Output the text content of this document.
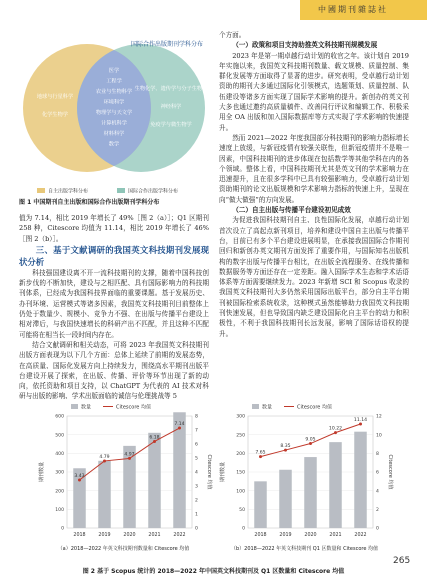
中國期刊雜誌社
国际合作出版期刊学科分布
地球与行星科学
化学生物学
医学
工程学
农业与生物科学
环境科学
物理学与天文学
计算机科学
材料科学
数学
生物化学、遗传学与分子生物学
神经科学
免疫学与微生物学
自主出版学科分布	国际合作出版学科分布
图 1 中国期刊自主出版和国际合作出版期刊学科分布

值为 7.14，相比 2019 年增长了 49%［图 2（a）］；Q1 区期刊 258 种，Citescore 均值为 11.14，相比 2019 年增长了 46%［图 2（b）］。

三、基于文献调研的我国英文科技期刊发展现状分析

科技强国建设离不开一流科技期刊的支撑，随着中国科技创新步伐的不断加快，建设与之相匹配、具有国际影响力的科技期刊体系，已经成为我国科技界面临的重要课题。基于发展历史、办刊环境、运营模式等诸多因素，我国英文科技期刊目前整体上仍处于数量少、规模小、竞争力不强、在出版与传播平台建设上相对滞后，与我国快速增长的科研产出不匹配，并且这种不匹配可能将在相当长一段时间内存在。

结合文献调研和相关动态，可将 2023 年我国英文科技期刊出版方面表现为以下几个方面：总体上延续了前期的发展态势，在高质量、国际化发展方向上持续发力，围绕高水平期刊出版平台建设开展了探索，在出版、传播、评价等环节出现了新的动向，依托资助和项目支持，以 ChatGPT 为代表的 AI 技术对科研与出版的影响、学术出版面临的诚信与伦理挑战等 5

个方面。

（一）政策和项目支持助推英文科技期刊规模发展

2023 年是第一期卓越行动计划的收官之年。该计划自 2019 年实施以来，我国英文科技期刊数量、载文规模、质量控制、集群化发展等方面取得了显著的进步。研究表明，受卓越行动计划资助的期刊大多通过国际化引领模式，选题策划、质量控制、队伍建设等诸多方面实现了国际学术影响的提升。新创办的英文刊大多也通过邀约高质量稿件、改善同行评议和编辑工作、积极采用全 OA 出版和加入国际数据库等方式实现了学术影响的快速提升。

然而 2021—2022 年度我国部分科技期刊的影响力指标增长速度上放缓，与新冠疫情有较强关联性，但新冠疫情并不是唯一因素，中国科技期刊的进步体现在包括数学等其他学科在内的各个领域。整体上看，中国科技期刊尤其是英文刊的学术影响力在迅速提升，且在很多学科中已具有较强影响力，受卓越行动计划资助期刊的论文出版规模和学术影响力指标的快速上升，呈现在向“做大做强”的方向发展。

（二）自主出版与传播平台建设初见成效

为促进我国科技期刊自主、良性国际化发展，卓越行动计划首次设立了高起点新刊项目，培养和建设中国自主出版与传播平台，目前已有多个平台建设进展明显，在承接我国国际合作期刊回归和新创办英文期刊方面发挥了重要作用，与国际知名出版机构的数字出版与传播平台相比，在出版全流程服务、在线传播和数据服务等方面还存在一定差距。融入国际学术生态和学术话语体系等方面需要继续发力。2023 年新增 SCI 和 Scopus 收录的我国英文科技期刊大多仍然采用国际出版平台，部分自主平台期刊被国际检索系统收录，这种模式虽然能够助力我国英文科技期刊快速发展，但也导致国内缺乏建设国际化自主平台的动力和积极性，不利于我国科技期刊长远发展，影响了国际话语权的提升。

数量	Citescore 均值
0
100
200
300
400
500
600
0
1
2
3
4
5
6
7
8
期刊数量	Citescore 均值
2018	2019	2020	2021	2022
3.43
4.79
4.97
6.18
7.14
（a）2018—2022 年英文科技期刊数量和 Citescore 均值
数量	Citescore 均值
0
50
100
150
200
250
300
0
2
4
6
8
10
12
期刊数量	Citescore 均值
2018	2019	2020	2021	2022
7.65
8.35
9.05
10.22
11.14
（b）2018—2022 年英文科技期刊 Q1 区数量和 Citescore 均值
图 2 基于 Scopus 统计的 2018—2022 年中国英文科技期刊及 Q1 区数量和 Citescore 均值
265
